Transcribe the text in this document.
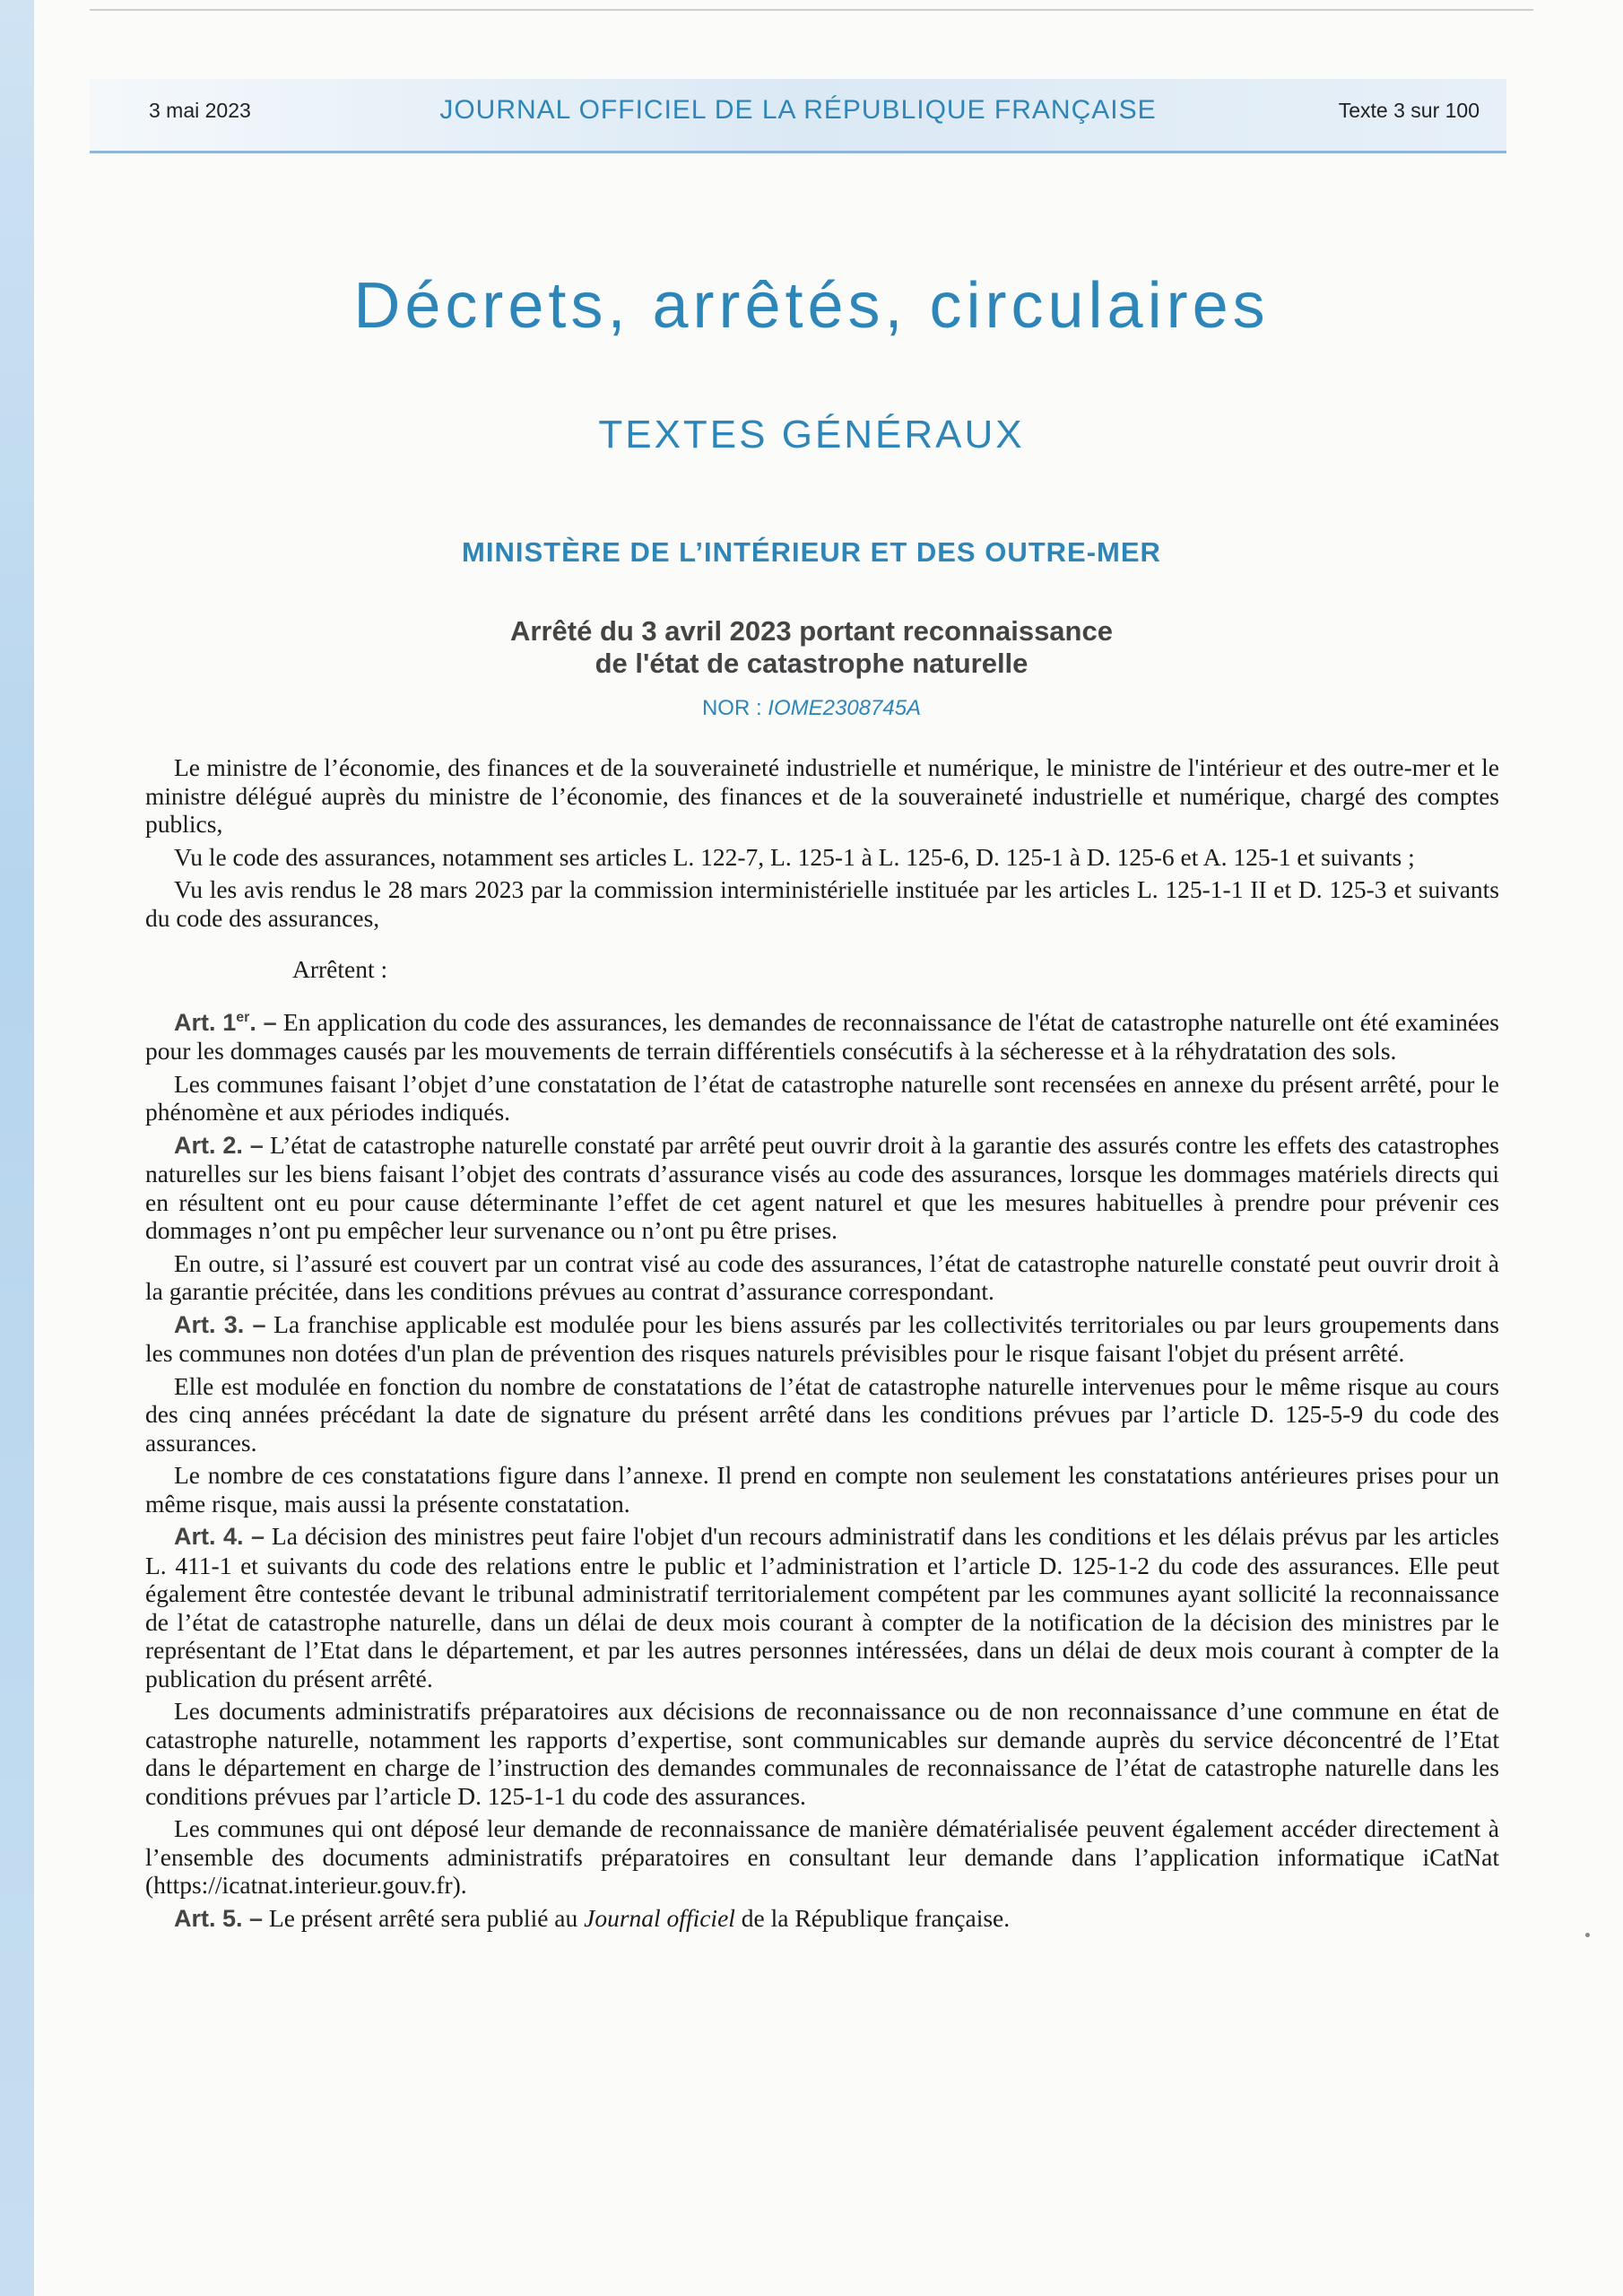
3 mai 2023	JOURNAL OFFICIEL DE LA RÉPUBLIQUE FRANÇAISE	Texte 3 sur 100
Décrets, arrêtés, circulaires
TEXTES GÉNÉRAUX
MINISTÈRE DE L’INTÉRIEUR ET DES OUTRE-MER
Arrêté du 3 avril 2023 portant reconnaissance
de l'état de catastrophe naturelle
NOR : IOME2308745A

Le ministre de l’économie, des finances et de la souveraineté industrielle et numérique, le ministre de l'intérieur et des outre-mer et le ministre délégué auprès du ministre de l’économie, des finances et de la souveraineté industrielle et numérique, chargé des comptes publics,

Vu le code des assurances, notamment ses articles L. 122-7, L. 125-1 à L. 125-6, D. 125-1 à D. 125-6 et A. 125-1 et suivants ;

Vu les avis rendus le 28 mars 2023 par la commission interministérielle instituée par les articles L. 125-1-1 II et D. 125-3 et suivants du code des assurances,

Arrêtent :

Art. 1er. – En application du code des assurances, les demandes de reconnaissance de l'état de catastrophe naturelle ont été examinées pour les dommages causés par les mouvements de terrain différentiels consécutifs à la sécheresse et à la réhydratation des sols.

Les communes faisant l’objet d’une constatation de l’état de catastrophe naturelle sont recensées en annexe du présent arrêté, pour le phénomène et aux périodes indiqués.

Art. 2. – L’état de catastrophe naturelle constaté par arrêté peut ouvrir droit à la garantie des assurés contre les effets des catastrophes naturelles sur les biens faisant l’objet des contrats d’assurance visés au code des assurances, lorsque les dommages matériels directs qui en résultent ont eu pour cause déterminante l’effet de cet agent naturel et que les mesures habituelles à prendre pour prévenir ces dommages n’ont pu empêcher leur survenance ou n’ont pu être prises.

En outre, si l’assuré est couvert par un contrat visé au code des assurances, l’état de catastrophe naturelle constaté peut ouvrir droit à la garantie précitée, dans les conditions prévues au contrat d’assurance correspondant.

Art. 3. – La franchise applicable est modulée pour les biens assurés par les collectivités territoriales ou par leurs groupements dans les communes non dotées d'un plan de prévention des risques naturels prévisibles pour le risque faisant l'objet du présent arrêté.

Elle est modulée en fonction du nombre de constatations de l’état de catastrophe naturelle intervenues pour le même risque au cours des cinq années précédant la date de signature du présent arrêté dans les conditions prévues par l’article D. 125-5-9 du code des assurances.

Le nombre de ces constatations figure dans l’annexe. Il prend en compte non seulement les constatations antérieures prises pour un même risque, mais aussi la présente constatation.

Art. 4. – La décision des ministres peut faire l'objet d'un recours administratif dans les conditions et les délais prévus par les articles L. 411-1 et suivants du code des relations entre le public et l’administration et l’article D. 125-1-2 du code des assurances. Elle peut également être contestée devant le tribunal administratif territorialement compétent par les communes ayant sollicité la reconnaissance de l’état de catastrophe naturelle, dans un délai de deux mois courant à compter de la notification de la décision des ministres par le représentant de l’Etat dans le département, et par les autres personnes intéressées, dans un délai de deux mois courant à compter de la publication du présent arrêté.

Les documents administratifs préparatoires aux décisions de reconnaissance ou de non reconnaissance d’une commune en état de catastrophe naturelle, notamment les rapports d’expertise, sont communicables sur demande auprès du service déconcentré de l’Etat dans le département en charge de l’instruction des demandes communales de reconnaissance de l’état de catastrophe naturelle dans les conditions prévues par l’article D. 125-1-1 du code des assurances.

Les communes qui ont déposé leur demande de reconnaissance de manière dématérialisée peuvent également accéder directement à l’ensemble des documents administratifs préparatoires en consultant leur demande dans l’application informatique iCatNat (https://icatnat.interieur.gouv.fr).

Art. 5. – Le présent arrêté sera publié au Journal officiel de la République française.
